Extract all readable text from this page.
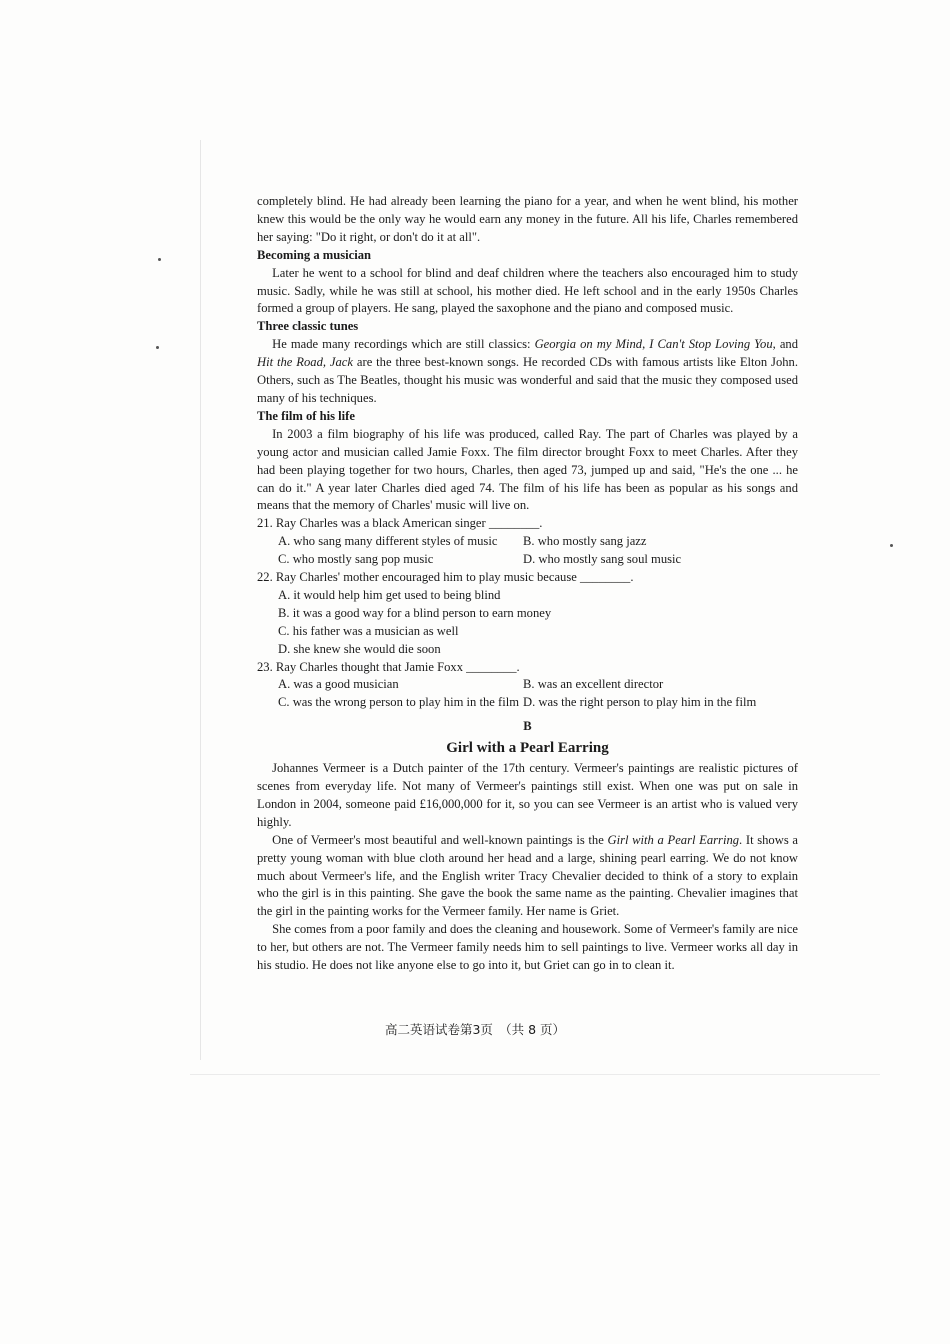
completely blind. He had already been learning the piano for a year, and when he went blind, his mother knew this would be the only way he would earn any money in the future. All his life, Charles remembered her saying: "Do it right, or don't do it at all".

Becoming a musician

Later he went to a school for blind and deaf children where the teachers also encouraged him to study music. Sadly, while he was still at school, his mother died. He left school and in the early 1950s Charles formed a group of players. He sang, played the saxophone and the piano and composed music.

Three classic tunes

He made many recordings which are still classics: Georgia on my Mind, I Can't Stop Loving You, and Hit the Road, Jack are the three best-known songs. He recorded CDs with famous artists like Elton John. Others, such as The Beatles, thought his music was wonderful and said that the music they composed used many of his techniques.

The film of his life

In 2003 a film biography of his life was produced, called Ray. The part of Charles was played by a young actor and musician called Jamie Foxx. The film director brought Foxx to meet Charles. After they had been playing together for two hours, Charles, then aged 73, jumped up and said, "He's the one ... he can do it." A year later Charles died aged 74. The film of his life has been as popular as his songs and means that the memory of Charles' music will live on.

21. Ray Charles was a black American singer ________.

A. who sang many different styles of music	B. who mostly sang jazz
C. who mostly sang pop music	D. who mostly sang soul music

22. Ray Charles' mother encouraged him to play music because ________.

A. it would help him get used to being blind

B. it was a good way for a blind person to earn money

C. his father was a musician as well

D. she knew she would die soon

23. Ray Charles thought that Jamie Foxx ________.

A. was a good musician	B. was an excellent director
C. was the wrong person to play him in the film D. was the right person to play him in the film

B

Girl with a Pearl Earring

Johannes Vermeer is a Dutch painter of the 17th century. Vermeer's paintings are realistic pictures of scenes from everyday life. Not many of Vermeer's paintings still exist. When one was put on sale in London in 2004, someone paid £16,000,000 for it, so you can see Vermeer is an artist who is valued very highly.

One of Vermeer's most beautiful and well-known paintings is the Girl with a Pearl Earring. It shows a pretty young woman with blue cloth around her head and a large, shining pearl earring. We do not know much about Vermeer's life, and the English writer Tracy Chevalier decided to think of a story to explain who the girl is in this painting. She gave the book the same name as the painting. Chevalier imagines that the girl in the painting works for the Vermeer family. Her name is Griet.

She comes from a poor family and does the cleaning and housework. Some of Vermeer's family are nice to her, but others are not. The Vermeer family needs him to sell paintings to live. Vermeer works all day in his studio. He does not like anyone else to go into it, but Griet can go in to clean it.

高二英语试卷第3页　（共 8 页）
